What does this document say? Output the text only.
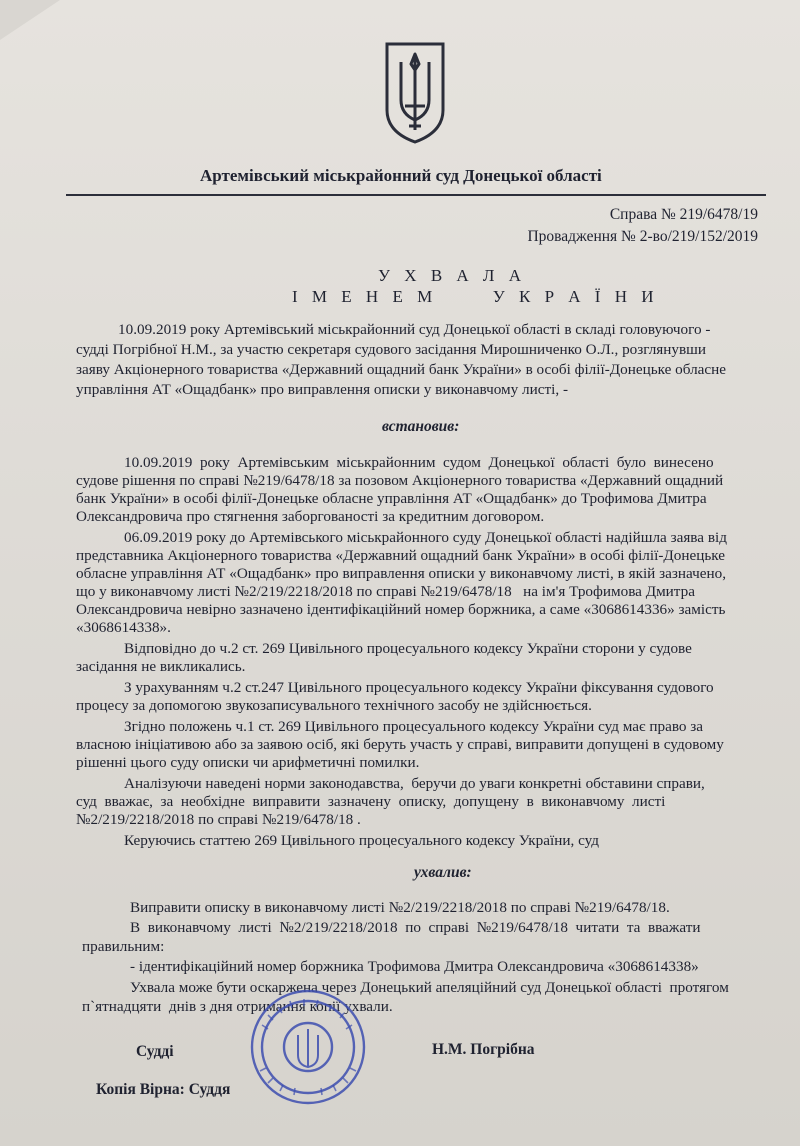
Артемівський міськрайонний суд Донецької області
Справа № 219/6478/19
Провадження № 2-во/219/152/2019
У Х В А Л А
І М Е Н Е М      У К Р А Ї Н И
10.09.2019 року Артемівський міськрайонний суд Донецької області в складі головуючого -
судді Погрібної Н.М., за участю секретаря судового засідання Мирошниченко О.Л., розглянувши
заяву Акціонерного товариства «Державний ощадний банк України» в особі філії-Донецьке обласне
управління АТ «Ощадбанк» про виправлення описки у виконавчому листі, -
встановив:
10.09.2019  року  Артемівським  міськрайонним  судом  Донецької  області  було  винесено
судове рішення по справі №219/6478/18 за позовом Акціонерного товариства «Державний ощадний
банк України» в особі філії-Донецьке обласне управління АТ «Ощадбанк» до Трофимова Дмитра
Олександровича про стягнення заборгованості за кредитним договором.
06.09.2019 року до Артемівського міськрайонного суду Донецької області надійшла заява від
представника Акціонерного товариства «Державний ощадний банк України» в особі філії-Донецьке
обласне управління АТ «Ощадбанк» про виправлення описки у виконавчому листі, в якій зазначено,
що у виконавчому листі №2/219/2218/2018 по справі №219/6478/18   на ім'я Трофимова Дмитра
Олександровича невірно зазначено ідентифікаційний номер боржника, а саме «3068614336» замість
«3068614338».
Відповідно до ч.2 ст. 269 Цивільного процесуального кодексу України сторони у судове
засідання не викликались.
З урахуванням ч.2 ст.247 Цивільного процесуального кодексу України фіксування судового
процесу за допомогою звукозаписувального технічного засобу не здійснюється.
Згідно положень ч.1 ст. 269 Цивільного процесуального кодексу України суд має право за
власною ініціативою або за заявою осіб, які беруть участь у справі, виправити допущені в судовому
рішенні цього суду описки чи арифметичні помилки.
Аналізуючи наведені норми законодавства,  беручи до уваги конкретні обставини справи,
суд  вважає,  за  необхідне  виправити  зазначену  описку,  допущену  в  виконавчому  листі
№2/219/2218/2018 по справі №219/6478/18 .
Керуючись статтею 269 Цивільного процесуального кодексу України, суд
ухвалив:
Виправити описку в виконавчому листі №2/219/2218/2018 по справі №219/6478/18.
В  виконавчому  листі  №2/219/2218/2018  по  справі  №219/6478/18  читати  та  вважати
правильним:
- ідентифікаційний номер боржника Трофимова Дмитра Олександровича «3068614338»
Ухвала може бути оскаржена через Донецький апеляційний суд Донецької області  протягом
п`ятнадцяти  днів з дня отримання копії ухвали.
Судді	Н.М. Погрібна
Копія Вірна: Суддя
